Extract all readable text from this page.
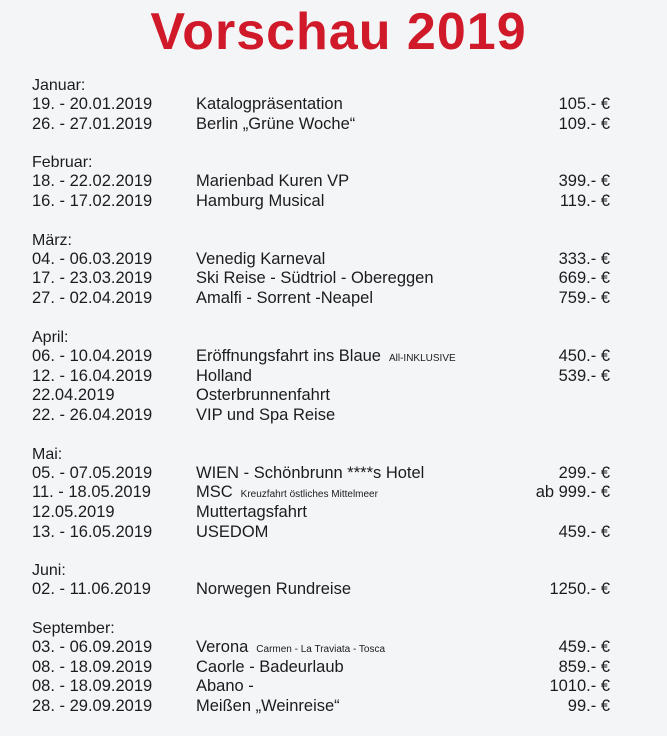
Vorschau 2019
Januar:
19. - 20.01.2019	Katalogpräsentation	105.- €
26. - 27.01.2019	Berlin „Grüne Woche“	109.- €
Februar:
18. - 22.02.2019	Marienbad Kuren VP	399.- €
16. - 17.02.2019	Hamburg Musical	119.- €
März:
04. - 06.03.2019	Venedig Karneval	333.- €
17. - 23.03.2019	Ski Reise - Südtriol - Obereggen	669.- €
27. - 02.04.2019	Amalfi - Sorrent -Neapel	759.- €
April:
06. - 10.04.2019	Eröffnungsfahrt ins Blaue All-INKLUSIVE	450.- €
12. - 16.04.2019	Holland	539.- €
22.04.2019	Osterbrunnenfahrt
22. - 26.04.2019	VIP und Spa Reise
Mai:
05. - 07.05.2019	WIEN - Schönbrunn ****s Hotel	299.- €
11. - 18.05.2019	MSC Kreuzfahrt östliches Mittelmeer	ab 999.- €
12.05.2019	Muttertagsfahrt
13. - 16.05.2019	USEDOM	459.- €
Juni:
02. - 11.06.2019	Norwegen Rundreise	1250.- €
September:
03. - 06.09.2019	Verona Carmen - La Traviata - Tosca	459.- €
08. - 18.09.2019	Caorle - Badeurlaub	859.- €
08. - 18.09.2019	Abano -	1010.- €
28. - 29.09.2019	Meißen „Weinreise“	99.- €
